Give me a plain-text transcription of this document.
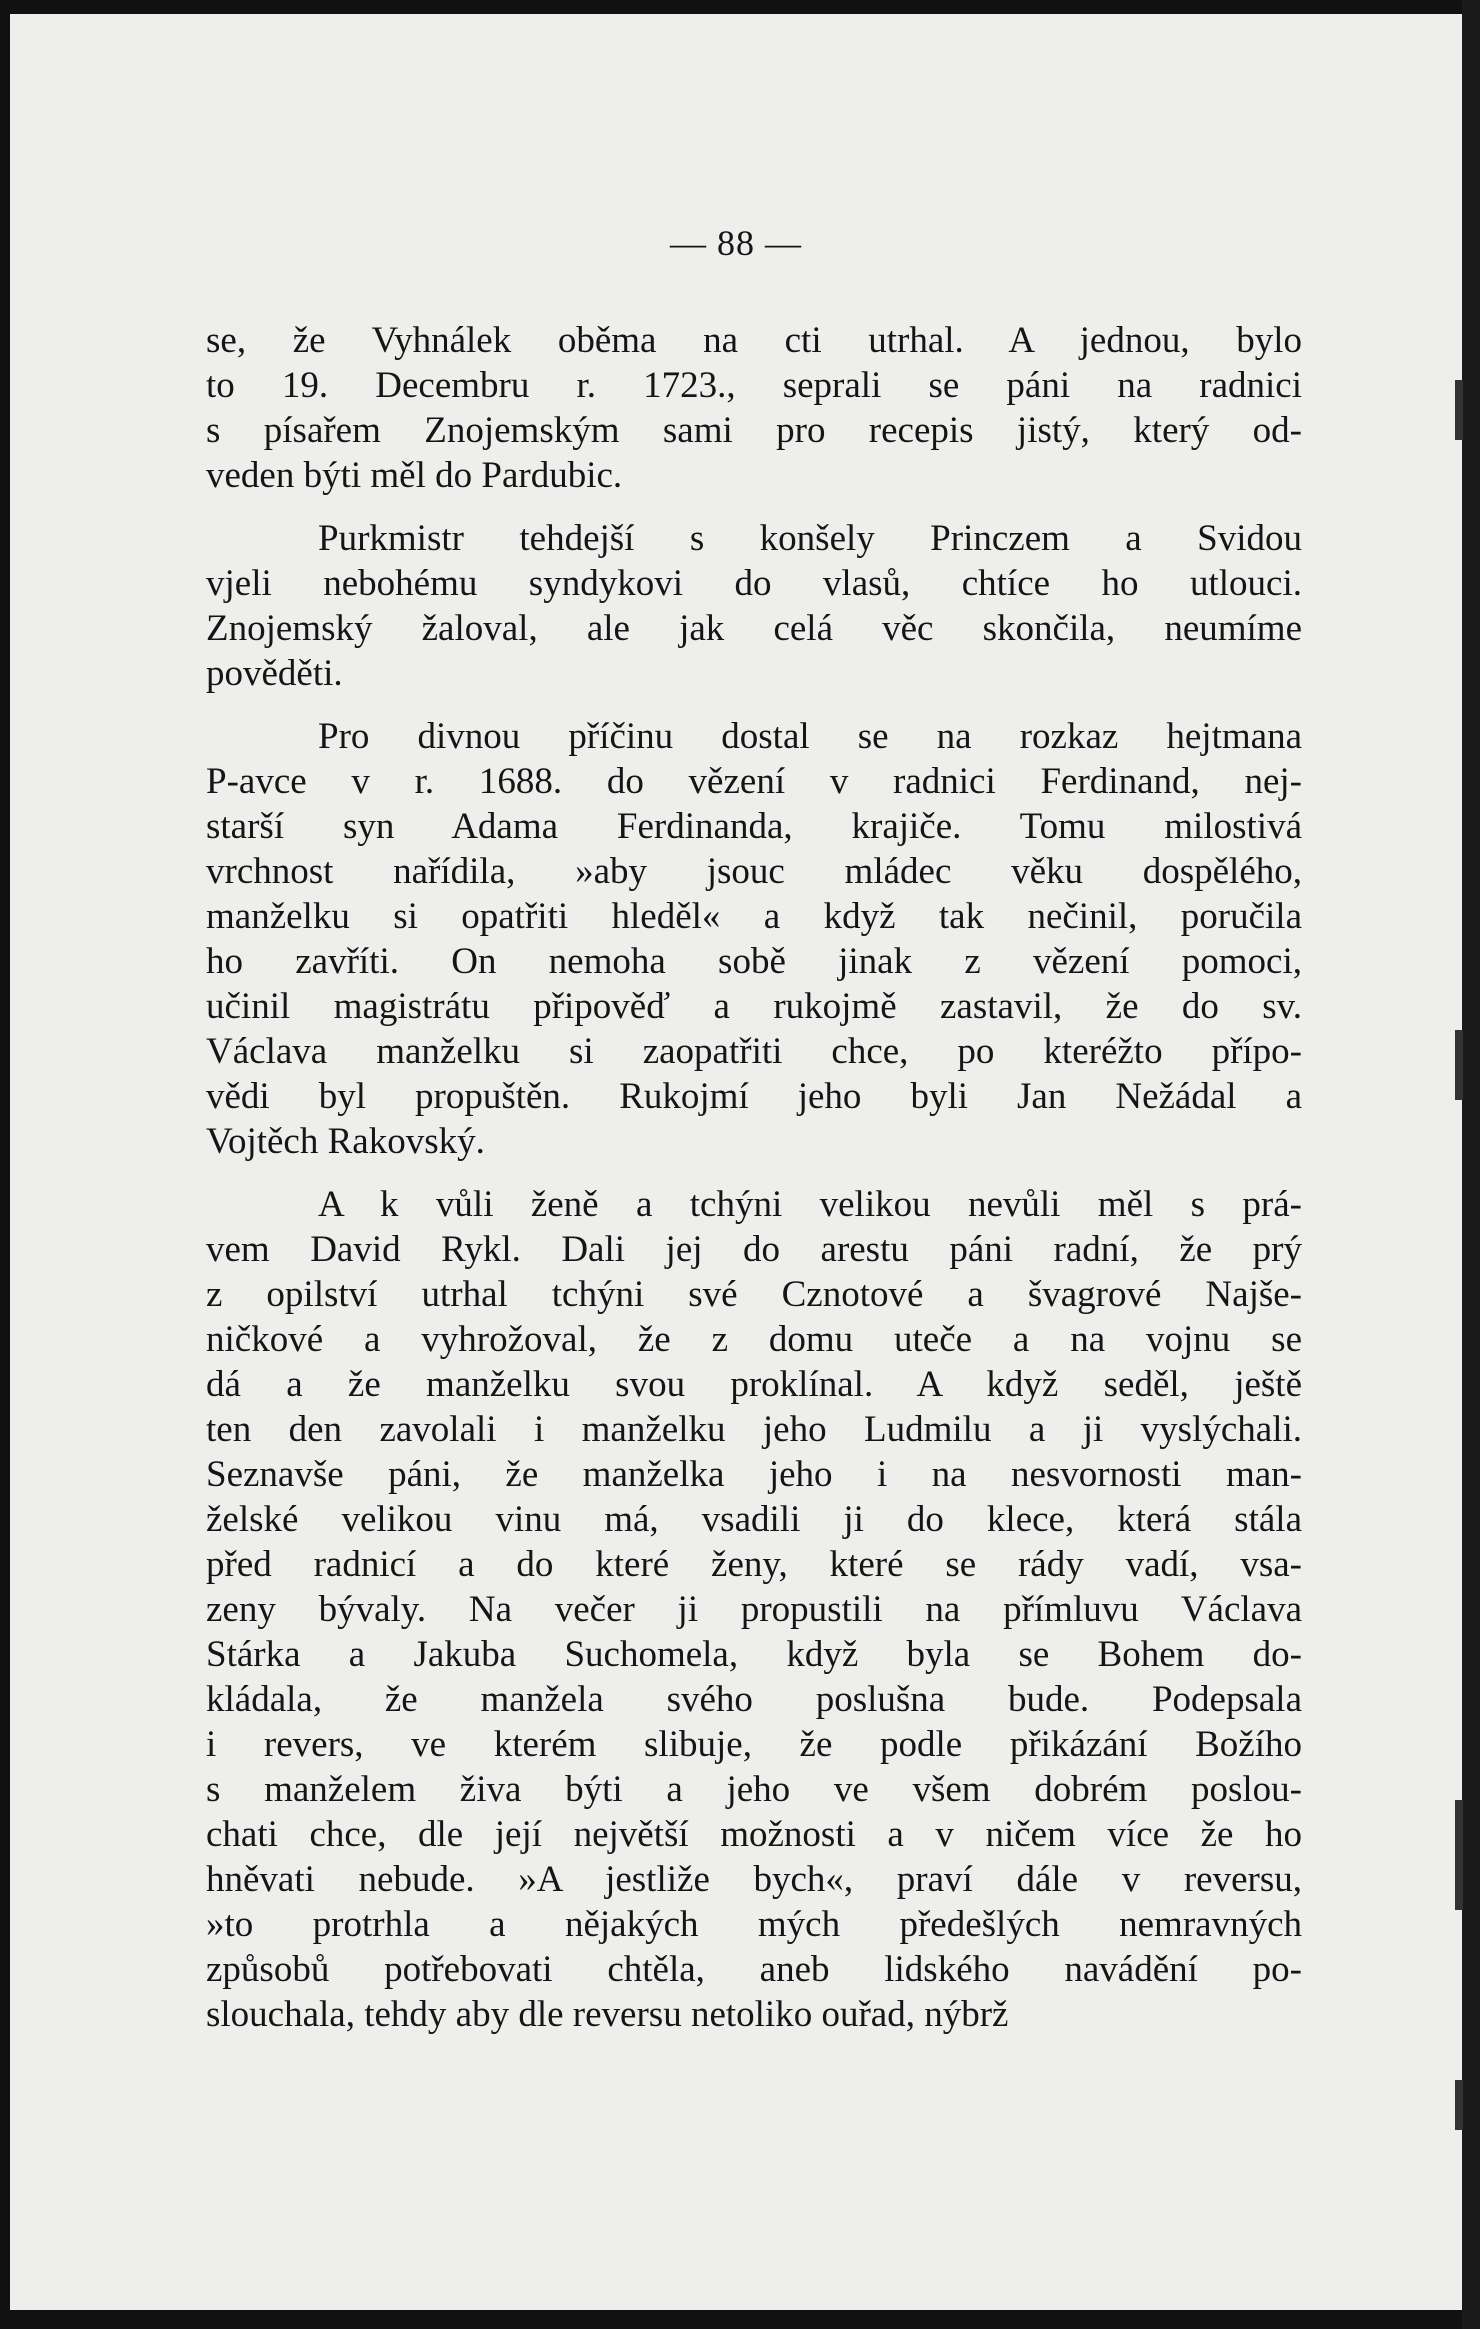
— 88 —
se, že Vyhnálek oběma na cti utrhal. A jednou, bylo
to 19. Decembru r. 1723., seprali se páni na radnici
s písařem Znojemským sami pro recepis jistý, který od-
veden býti měl do Pardubic.
Purkmistr tehdejší s konšely Princzem a Svidou
vjeli nebohému syndykovi do vlasů, chtíce ho utlouci.
Znojemský žaloval, ale jak celá věc skončila, neumíme
pověděti.
Pro divnou příčinu dostal se na rozkaz hejtmana
P-avce v r. 1688. do vězení v radnici Ferdinand, nej-
starší syn Adama Ferdinanda, krajiče. Tomu milostivá
vrchnost nařídila, »aby jsouc mládec věku dospělého,
manželku si opatřiti hleděl« a když tak nečinil, poručila
ho zavříti. On nemoha sobě jinak z vězení pomoci,
učinil magistrátu připověď a rukojmě zastavil, že do sv.
Václava manželku si zaopatřiti chce, po kteréžto přípo-
vědi byl propuštěn. Rukojmí jeho byli Jan Nežádal a
Vojtěch Rakovský.
A k vůli ženě a tchýni velikou nevůli měl s prá-
vem David Rykl. Dali jej do arestu páni radní, že prý
z opilství utrhal tchýni své Cznotové a švagrové Najše-
ničkové a vyhrožoval, že z domu uteče a na vojnu se
dá a že manželku svou proklínal. A když seděl, ještě
ten den zavolali i manželku jeho Ludmilu a ji vyslýchali.
Seznavše páni, že manželka jeho i na nesvornosti man-
želské velikou vinu má, vsadili ji do klece, která stála
před radnicí a do které ženy, které se rády vadí, vsa-
zeny bývaly. Na večer ji propustili na přímluvu Václava
Stárka a Jakuba Suchomela, když byla se Bohem do-
kládala, že manžela svého poslušna bude. Podepsala
i revers, ve kterém slibuje, že podle přikázání Božího
s manželem živa býti a jeho ve všem dobrém poslou-
chati chce, dle její největší možnosti a v ničem více že ho
hněvati nebude. »A jestliže bych«, praví dále v reversu,
»to protrhla a nějakých mých předešlých nemravných
způsobů potřebovati chtěla, aneb lidského navádění po-
slouchala, tehdy aby dle reversu netoliko ouřad, nýbrž
